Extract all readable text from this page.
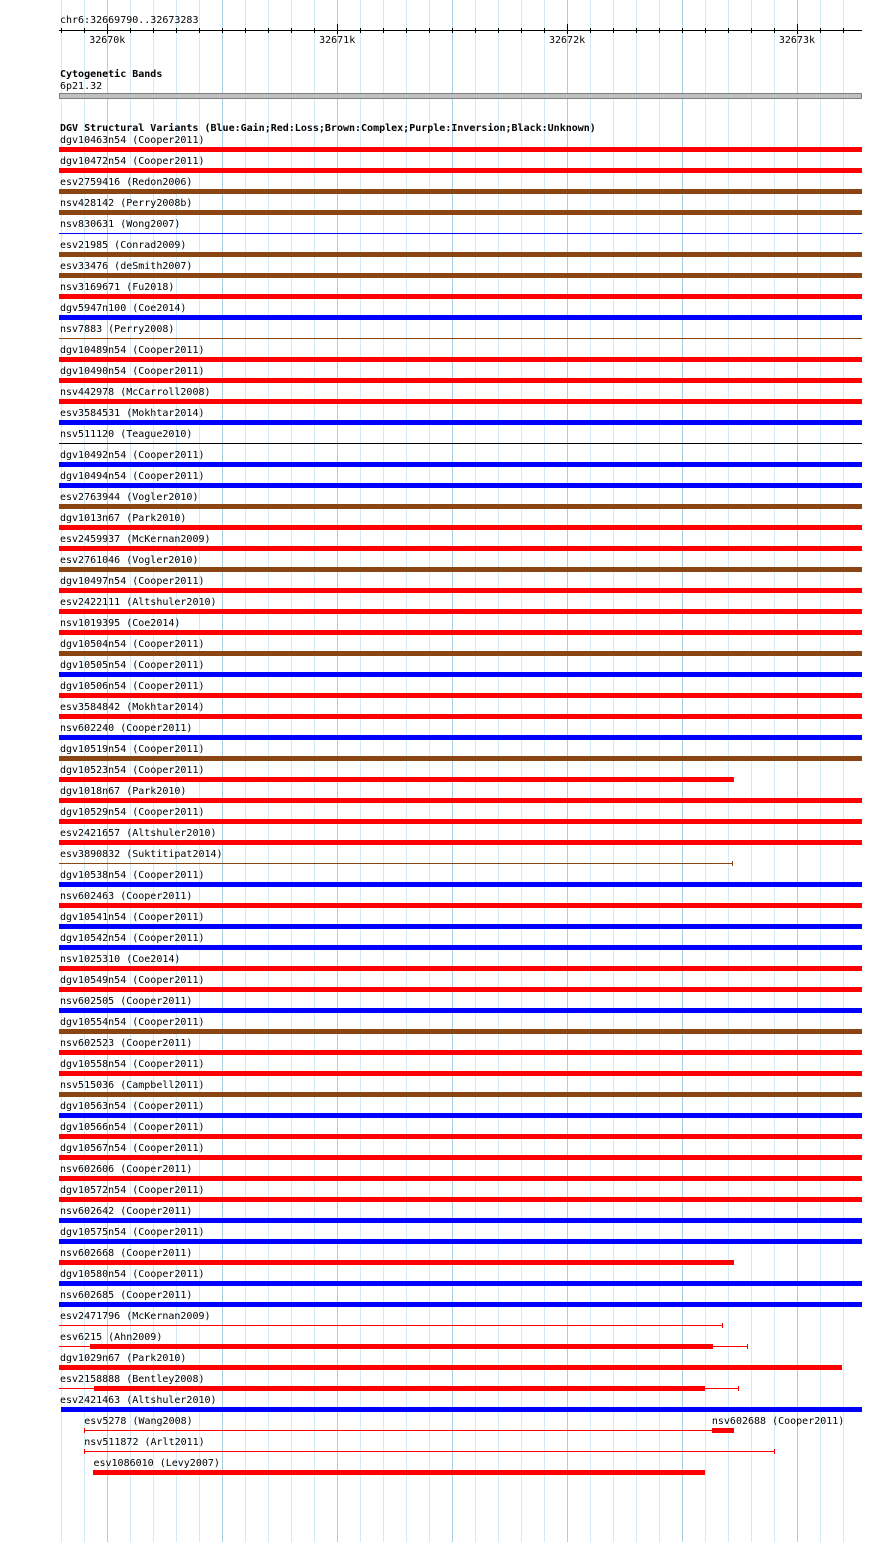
chr6:32669790..32673283
32670k	32671k	32672k	32673k
Cytogenetic Bands
6p21.32
DGV Structural Variants (Blue:Gain;Red:Loss;Brown:Complex;Purple:Inversion;Black:Unknown)
dgv10463n54 (Cooper2011)
dgv10472n54 (Cooper2011)
esv2759416 (Redon2006)
nsv428142 (Perry2008b)
nsv830631 (Wong2007)
esv21985 (Conrad2009)
esv33476 (deSmith2007)
nsv3169671 (Fu2018)
dgv5947n100 (Coe2014)
nsv7883 (Perry2008)
dgv10489n54 (Cooper2011)
dgv10490n54 (Cooper2011)
nsv442978 (McCarroll2008)
esv3584531 (Mokhtar2014)
nsv511120 (Teague2010)
dgv10492n54 (Cooper2011)
dgv10494n54 (Cooper2011)
esv2763944 (Vogler2010)
dgv1013n67 (Park2010)
esv2459937 (McKernan2009)
esv2761046 (Vogler2010)
dgv10497n54 (Cooper2011)
esv2422111 (Altshuler2010)
nsv1019395 (Coe2014)
dgv10504n54 (Cooper2011)
dgv10505n54 (Cooper2011)
dgv10506n54 (Cooper2011)
esv3584842 (Mokhtar2014)
nsv602240 (Cooper2011)
dgv10519n54 (Cooper2011)
dgv10523n54 (Cooper2011)
dgv1018n67 (Park2010)
dgv10529n54 (Cooper2011)
esv2421657 (Altshuler2010)
esv3890832 (Suktitipat2014)
dgv10538n54 (Cooper2011)
nsv602463 (Cooper2011)
dgv10541n54 (Cooper2011)
dgv10542n54 (Cooper2011)
nsv1025310 (Coe2014)
dgv10549n54 (Cooper2011)
nsv602505 (Cooper2011)
dgv10554n54 (Cooper2011)
nsv602523 (Cooper2011)
dgv10558n54 (Cooper2011)
nsv515036 (Campbell2011)
dgv10563n54 (Cooper2011)
dgv10566n54 (Cooper2011)
dgv10567n54 (Cooper2011)
nsv602606 (Cooper2011)
dgv10572n54 (Cooper2011)
nsv602642 (Cooper2011)
dgv10575n54 (Cooper2011)
nsv602668 (Cooper2011)
dgv10580n54 (Cooper2011)
nsv602685 (Cooper2011)
esv2471796 (McKernan2009)
esv6215 (Ahn2009)
dgv1029n67 (Park2010)
esv2158888 (Bentley2008)
esv2421463 (Altshuler2010)
esv5278 (Wang2008)	nsv602688 (Cooper2011)
nsv511872 (Arlt2011)
esv1086010 (Levy2007)
